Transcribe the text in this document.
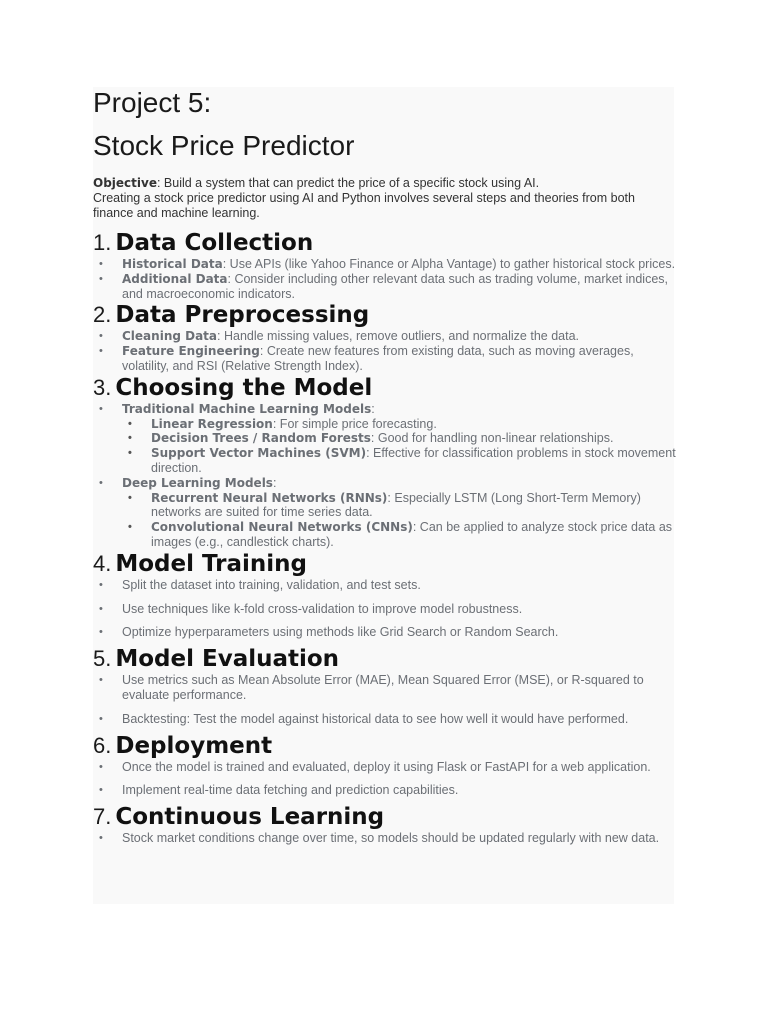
Project 5:
Stock Price Predictor

Objective: Build a system that can predict the price of a specific stock using AI.
Creating a stock price predictor using AI and Python involves several steps and theories from both finance and machine learning.

1. Data Collection
• Historical Data: Use APIs (like Yahoo Finance or Alpha Vantage) to gather historical stock prices.
• Additional Data: Consider including other relevant data such as trading volume, market indices, and macroeconomic indicators.
2. Data Preprocessing
• Cleaning Data: Handle missing values, remove outliers, and normalize the data.
• Feature Engineering: Create new features from existing data, such as moving averages, volatility, and RSI (Relative Strength Index).
3. Choosing the Model
• Traditional Machine Learning Models:
• Linear Regression: For simple price forecasting.
• Decision Trees / Random Forests: Good for handling non-linear relationships.
• Support Vector Machines (SVM): Effective for classification problems in stock movement direction.
• Deep Learning Models:
• Recurrent Neural Networks (RNNs): Especially LSTM (Long Short-Term Memory) networks are suited for time series data.
• Convolutional Neural Networks (CNNs): Can be applied to analyze stock price data as images (e.g., candlestick charts).
4. Model Training
• Split the dataset into training, validation, and test sets.
• Use techniques like k-fold cross-validation to improve model robustness.
• Optimize hyperparameters using methods like Grid Search or Random Search.
5. Model Evaluation
• Use metrics such as Mean Absolute Error (MAE), Mean Squared Error (MSE), or R-squared to evaluate performance.
• Backtesting: Test the model against historical data to see how well it would have performed.
6. Deployment
• Once the model is trained and evaluated, deploy it using Flask or FastAPI for a web application.
• Implement real-time data fetching and prediction capabilities.
7. Continuous Learning
• Stock market conditions change over time, so models should be updated regularly with new data.
